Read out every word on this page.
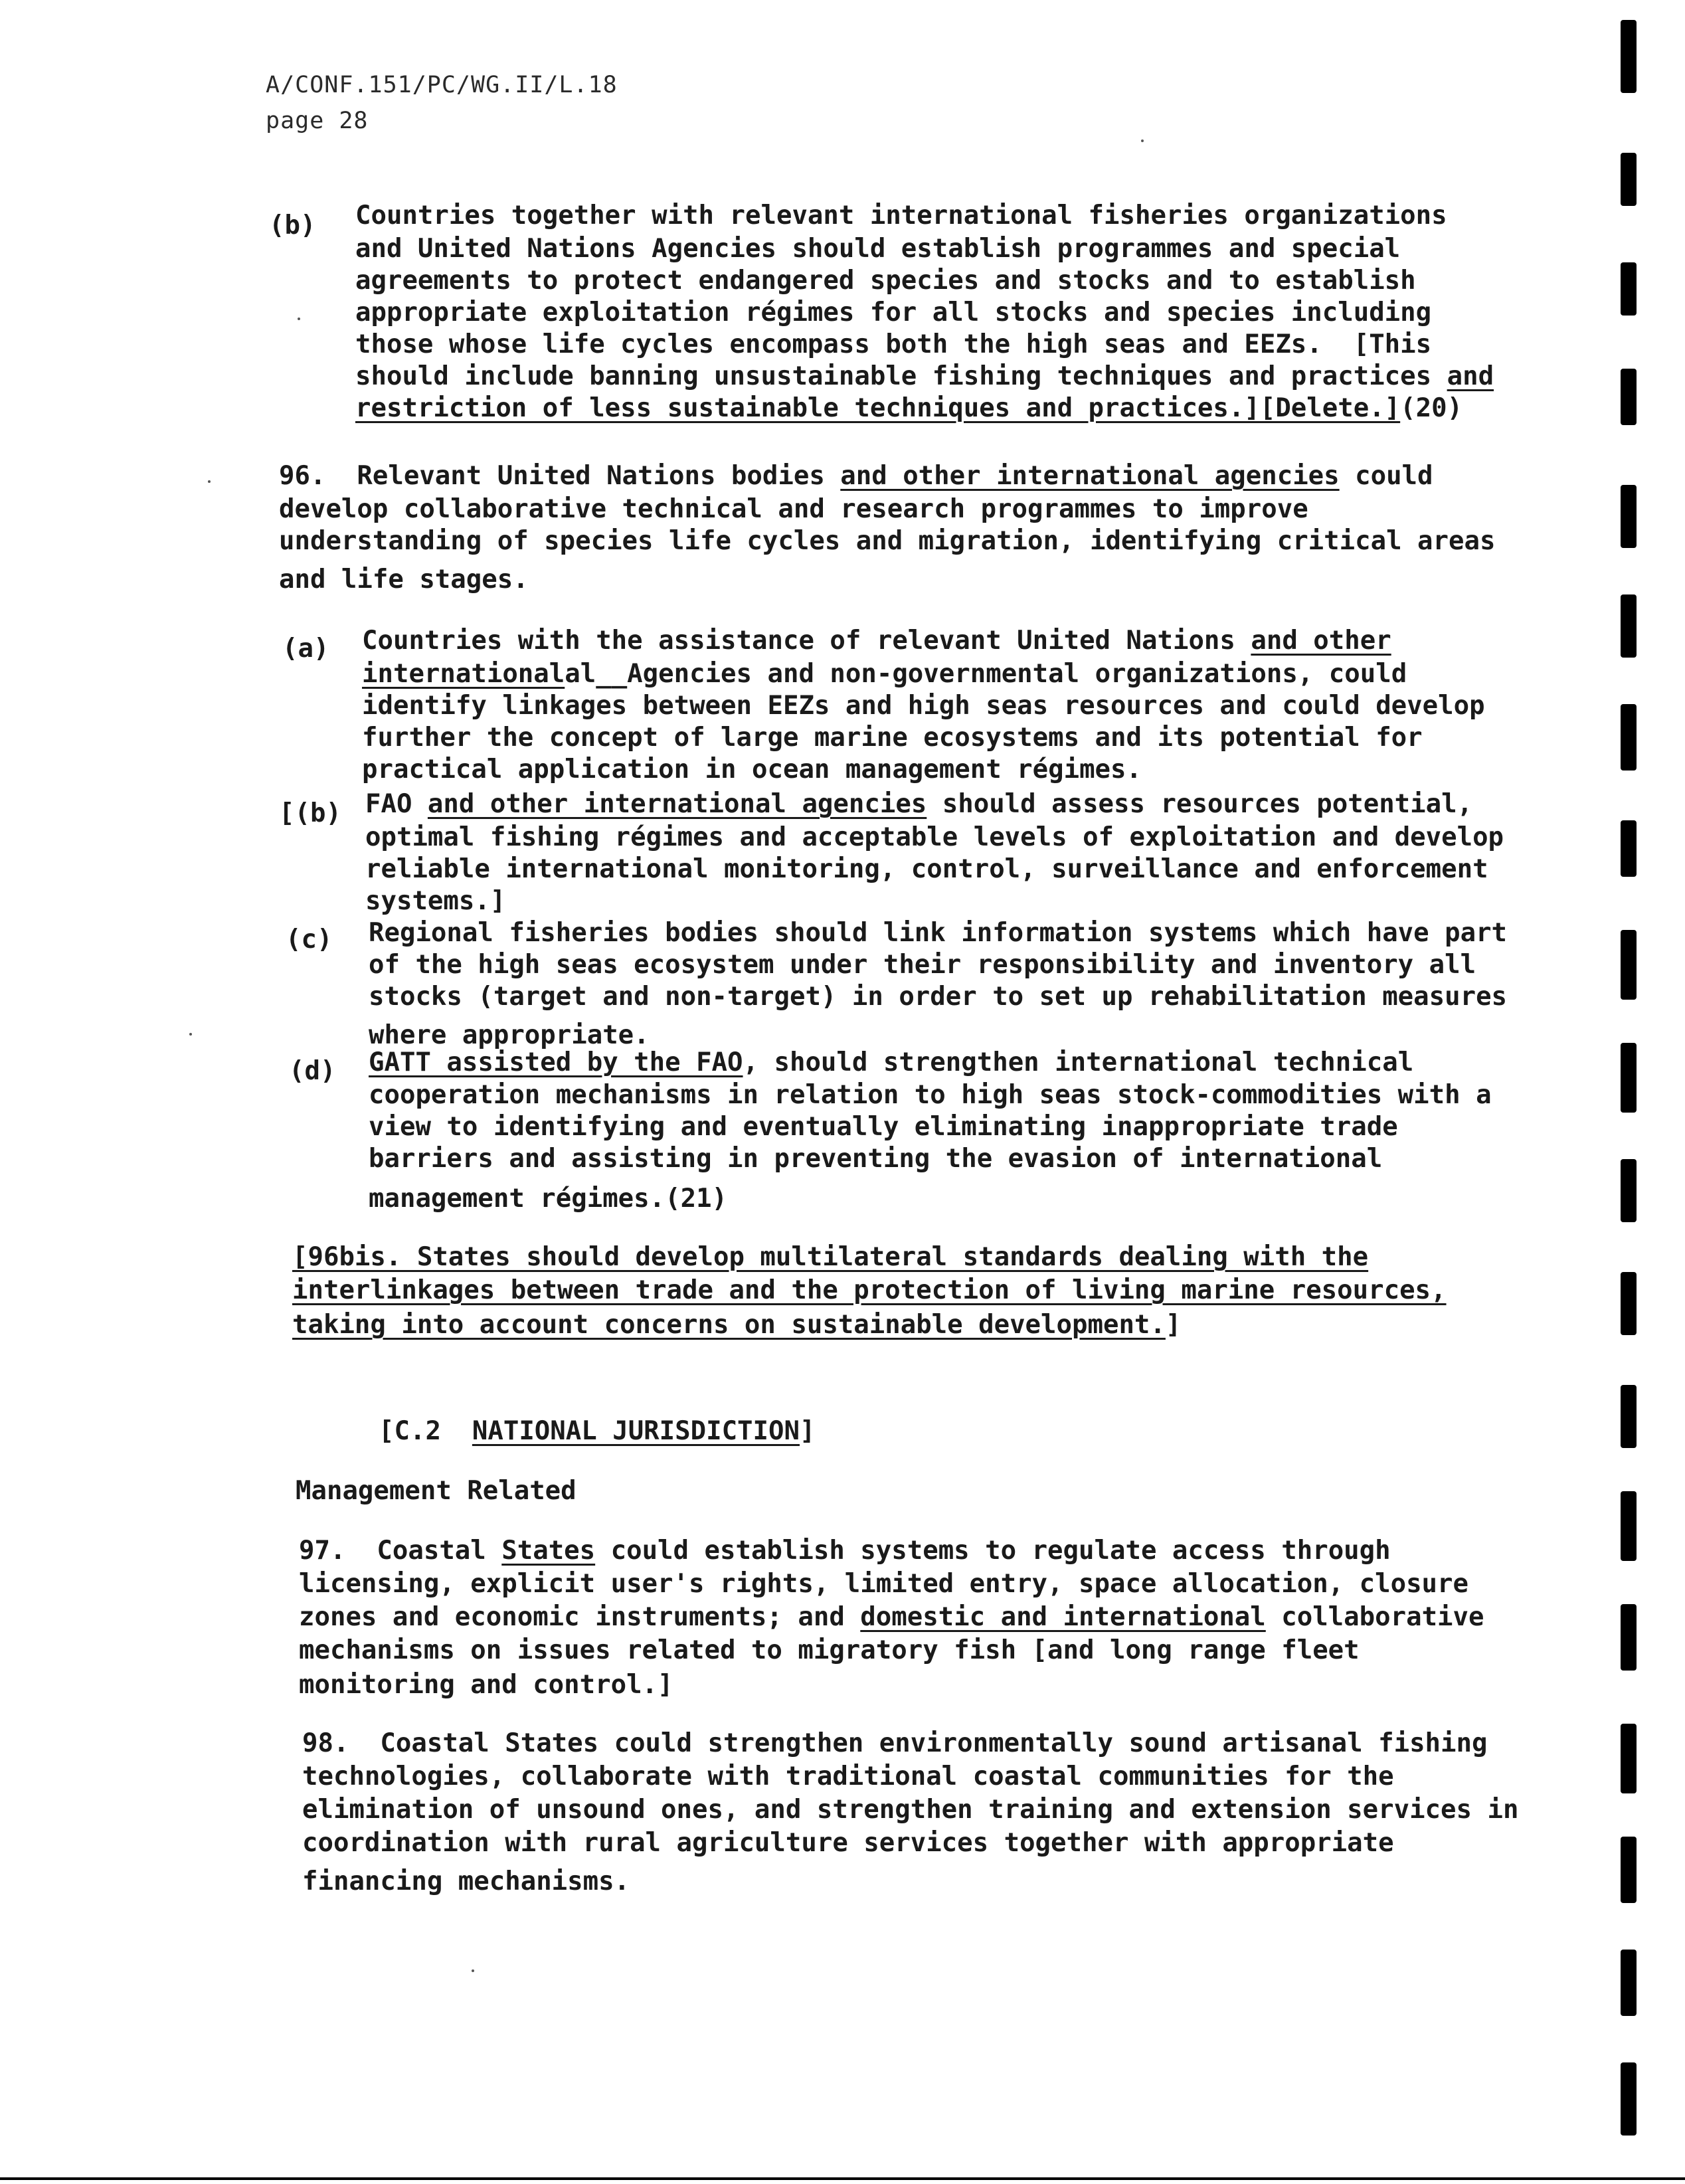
A/CONF.151/PC/WG.II/L.18
page 28
(b) Countries together with relevant international fisheries organizations
and United Nations Agencies should establish programmes and special
agreements to protect endangered species and stocks and to establish
appropriate exploitation régimes for all stocks and species including
those whose life cycles encompass both the high seas and EEZs.  [This
should include banning unsustainable fishing techniques and practices and
restriction of less sustainable techniques and practices.][Delete.](20)
96.  Relevant United Nations bodies and other international agencies could
develop collaborative technical and research programmes to improve
understanding of species life cycles and migration, identifying critical areas
and life stages.
(a) Countries with the assistance of relevant United Nations and other
internationalal__Agencies and non-governmental organizations, could
identify linkages between EEZs and high seas resources and could develop
further the concept of large marine ecosystems and its potential for
practical application in ocean management régimes.
[(b) FAO and other international agencies should assess resources potential,
optimal fishing régimes and acceptable levels of exploitation and develop
reliable international monitoring, control, surveillance and enforcement
systems.]
(c) Regional fisheries bodies should link information systems which have part
of the high seas ecosystem under their responsibility and inventory all
stocks (target and non-target) in order to set up rehabilitation measures
where appropriate.
(d) GATT assisted by the FAO, should strengthen international technical
cooperation mechanisms in relation to high seas stock-commodities with a
view to identifying and eventually eliminating inappropriate trade
barriers and assisting in preventing the evasion of international
management régimes.(21)
[96bis. States should develop multilateral standards dealing with the
interlinkages between trade and the protection of living marine resources,
taking into account concerns on sustainable development.]
[C.2  NATIONAL JURISDICTION]
Management Related
97.  Coastal States could establish systems to regulate access through
licensing, explicit user's rights, limited entry, space allocation, closure
zones and economic instruments; and domestic and international collaborative
mechanisms on issues related to migratory fish [and long range fleet
monitoring and control.]
98.  Coastal States could strengthen environmentally sound artisanal fishing
technologies, collaborate with traditional coastal communities for the
elimination of unsound ones, and strengthen training and extension services in
coordination with rural agriculture services together with appropriate
financing mechanisms.
